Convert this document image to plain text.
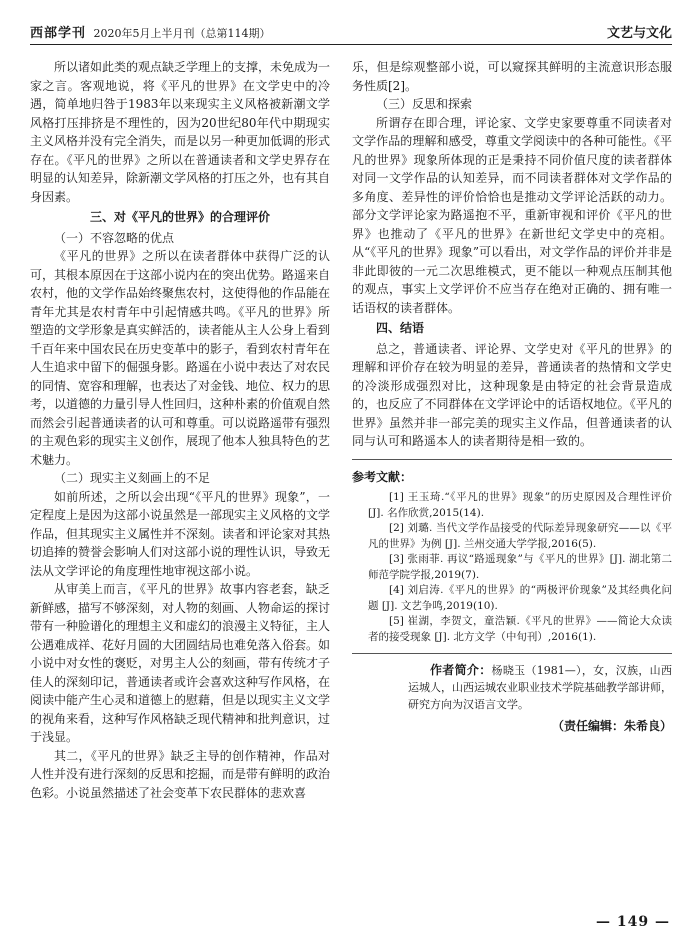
西部学刊 2020年5月上半月刊（总第114期）	文艺与文化

所以诸如此类的观点缺乏学理上的支撑，未免成为一家之言。客观地说，将《平凡的世界》在文学史中的冷遇，简单地归咎于1983年以来现实主义风格被新潮文学风格打压排挤是不理性的，因为20世纪80年代中期现实主义风格并没有完全消失，而是以另一种更加低调的形式存在。《平凡的世界》之所以在普通读者和文学史界存在明显的认知差异，除新潮文学风格的打压之外，也有其自身因素。

三、对《平凡的世界》的合理评价
（一）不容忽略的优点

《平凡的世界》之所以在读者群体中获得广泛的认可，其根本原因在于这部小说内在的突出优势。路遥来自农村，他的文学作品始终聚焦农村，这使得他的作品能在青年尤其是农村青年中引起情感共鸣。《平凡的世界》所塑造的文学形象是真实鲜活的，读者能从主人公身上看到千百年来中国农民在历史变革中的影子，看到农村青年在人生追求中留下的倔强身影。路遥在小说中表达了对农民的同情、宽容和理解，也表达了对金钱、地位、权力的思考，以道德的力量引导人性回归，这种朴素的价值观自然而然会引起普通读者的认可和尊重。可以说路遥带有强烈的主观色彩的现实主义创作，展现了他本人独具特色的艺术魅力。

（二）现实主义刻画上的不足

如前所述，之所以会出现“《平凡的世界》现象”，一定程度上是因为这部小说虽然是一部现实主义风格的文学作品，但其现实主义属性并不深刻。读者和评论家对其热切追捧的赞誉会影响人们对这部小说的理性认识，导致无法从文学评论的角度理性地审视这部小说。

从审美上而言，《平凡的世界》故事内容老套，缺乏新鲜感，描写不够深刻，对人物的刻画、人物命运的探讨带有一种脸谱化的理想主义和虚幻的浪漫主义特征，主人公遇难成祥、花好月圆的大团圆结局也难免落入俗套。如小说中对女性的褒贬，对男主人公的刻画，带有传统才子佳人的深刻印记，普通读者或许会喜欢这种写作风格，在阅读中能产生心灵和道德上的慰藉，但是以现实主义文学的视角来看，这种写作风格缺乏现代精神和批判意识，过于浅显。

其二，《平凡的世界》缺乏主导的创作精神，作品对人性并没有进行深刻的反思和挖掘，而是带有鲜明的政治色彩。小说虽然描述了社会变革下农民群体的悲欢喜

乐，但是综观整部小说，可以窥探其鲜明的主流意识形态服务性质[2]。

（三）反思和探索

所谓存在即合理，评论家、文学史家要尊重不同读者对文学作品的理解和感受，尊重文学阅读中的各种可能性。《平凡的世界》现象所体现的正是秉持不同价值尺度的读者群体对同一文学作品的认知差异，而不同读者群体对文学作品的多角度、差异性的评价恰恰也是推动文学评论活跃的动力。部分文学评论家为路遥抱不平，重新审视和评价《平凡的世界》也推动了《平凡的世界》在新世纪文学史中的亮相。从“《平凡的世界》现象”可以看出，对文学作品的评价并非是非此即彼的一元二次思维模式，更不能以一种观点压制其他的观点，事实上文学评价不应当存在绝对正确的、拥有唯一话语权的读者群体。

四、结语

总之，普通读者、评论界、文学史对《平凡的世界》的理解和评价存在较为明显的差异，普通读者的热情和文学史的冷淡形成强烈对比，这种现象是由特定的社会背景造成的，也反应了不同群体在文学评论中的话语权地位。《平凡的世界》虽然并非一部完美的现实主义作品，但普通读者的认同与认可和路遥本人的读者期待是相一致的。

参考文献：

[1] 王玉琦.“《平凡的世界》现象”的历史原因及合理性评价 [J]. 名作欣赏,2015(14).

[2] 刘璐. 当代文学作品接受的代际差异现象研究——以《平凡的世界》为例 [J]. 兰州交通大学学报,2016(5).

[3] 张雨菲. 再议“路遥现象”与《平凡的世界》[J]. 湖北第二师范学院学报,2019(7).

[4] 刘启涛.《平凡的世界》的“两极评价现象”及其经典化问题 [J]. 文艺争鸣,2019(10).

[5] 崔湖，李贺文，童浩颖.《平凡的世界》——简论大众读者的接受现象 [J]. 北方文学（中旬刊）,2016(1).

作者简介：杨晓玉（1981—），女，汉族，山西运城人，山西运城农业职业技术学院基础教学部讲师，研究方向为汉语言文学。

（责任编辑：朱希良）
— 149 —
